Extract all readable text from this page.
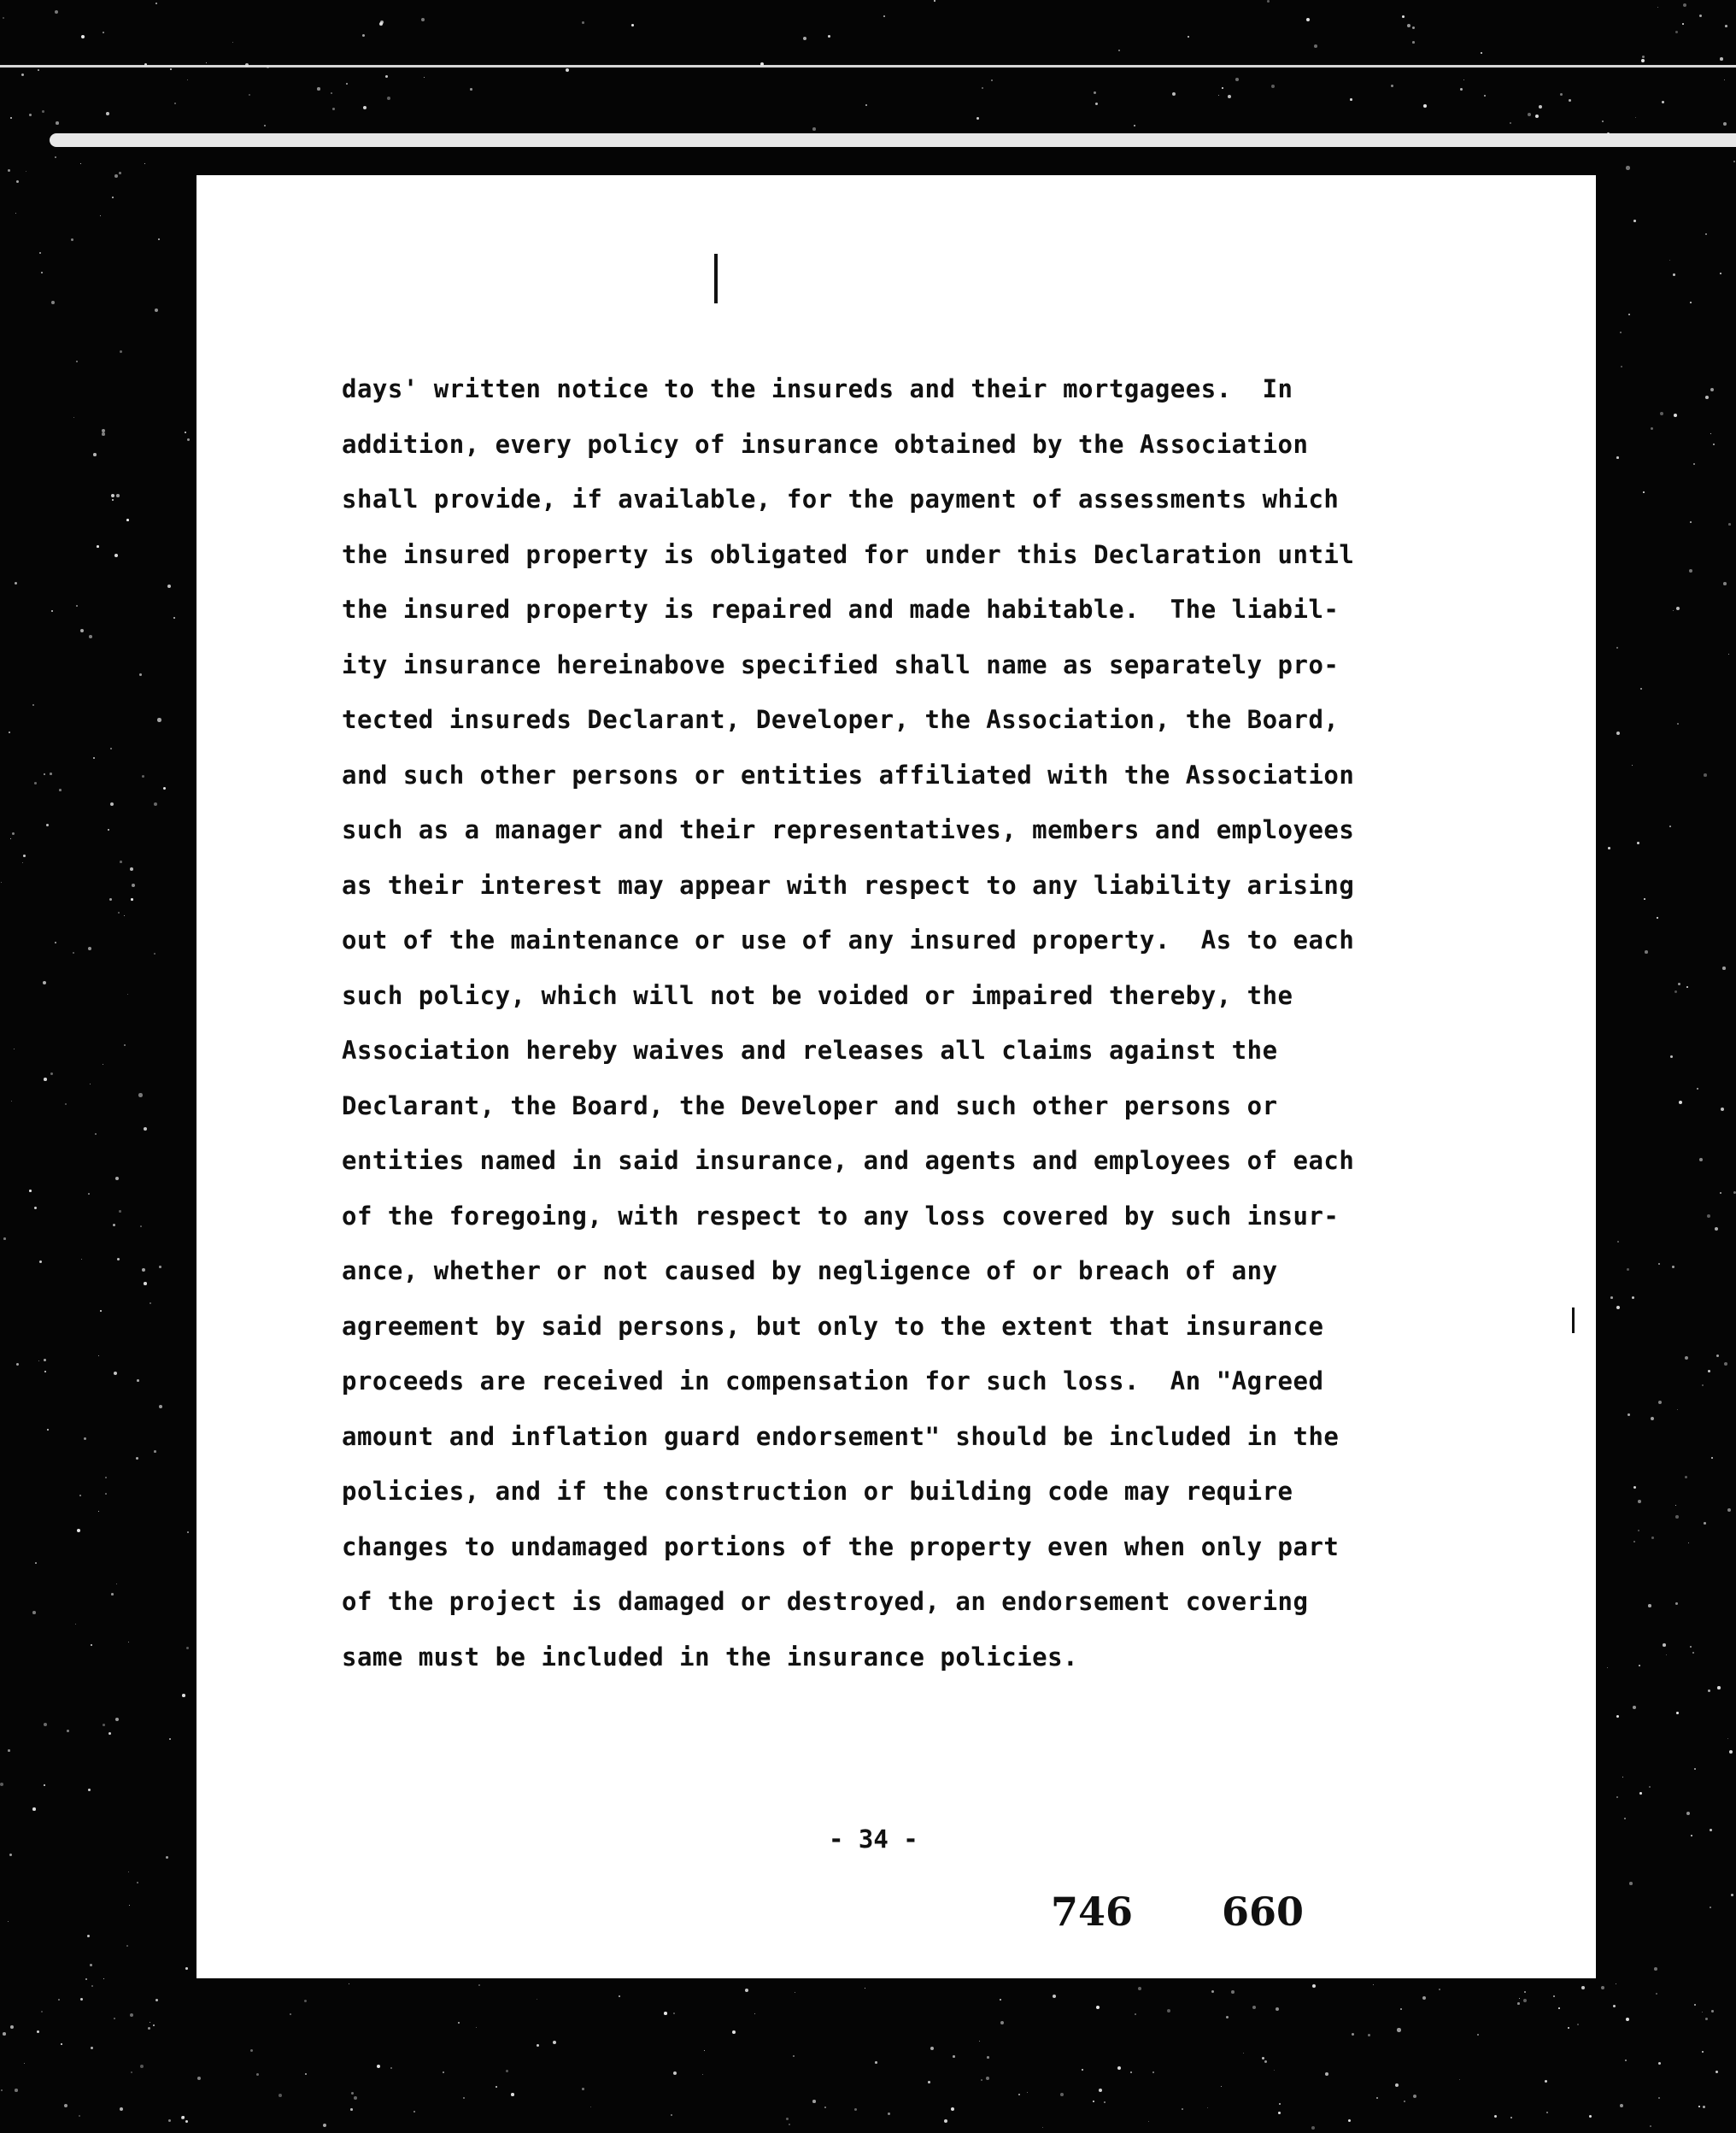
days' written notice to the insureds and their mortgagees.  In
addition, every policy of insurance obtained by the Association
shall provide, if available, for the payment of assessments which
the insured property is obligated for under this Declaration until
the insured property is repaired and made habitable.  The liabil-
ity insurance hereinabove specified shall name as separately pro-
tected insureds Declarant, Developer, the Association, the Board,
and such other persons or entities affiliated with the Association
such as a manager and their representatives, members and employees
as their interest may appear with respect to any liability arising
out of the maintenance or use of any insured property.  As to each
such policy, which will not be voided or impaired thereby, the
Association hereby waives and releases all claims against the
Declarant, the Board, the Developer and such other persons or
entities named in said insurance, and agents and employees of each
of the foregoing, with respect to any loss covered by such insur-
ance, whether or not caused by negligence of or breach of any
agreement by said persons, but only to the extent that insurance
proceeds are received in compensation for such loss.  An "Agreed
amount and inflation guard endorsement" should be included in the
policies, and if the construction or building code may require
changes to undamaged portions of the property even when only part
of the project is damaged or destroyed, an endorsement covering
same must be included in the insurance policies.
- 34 -
746 660
